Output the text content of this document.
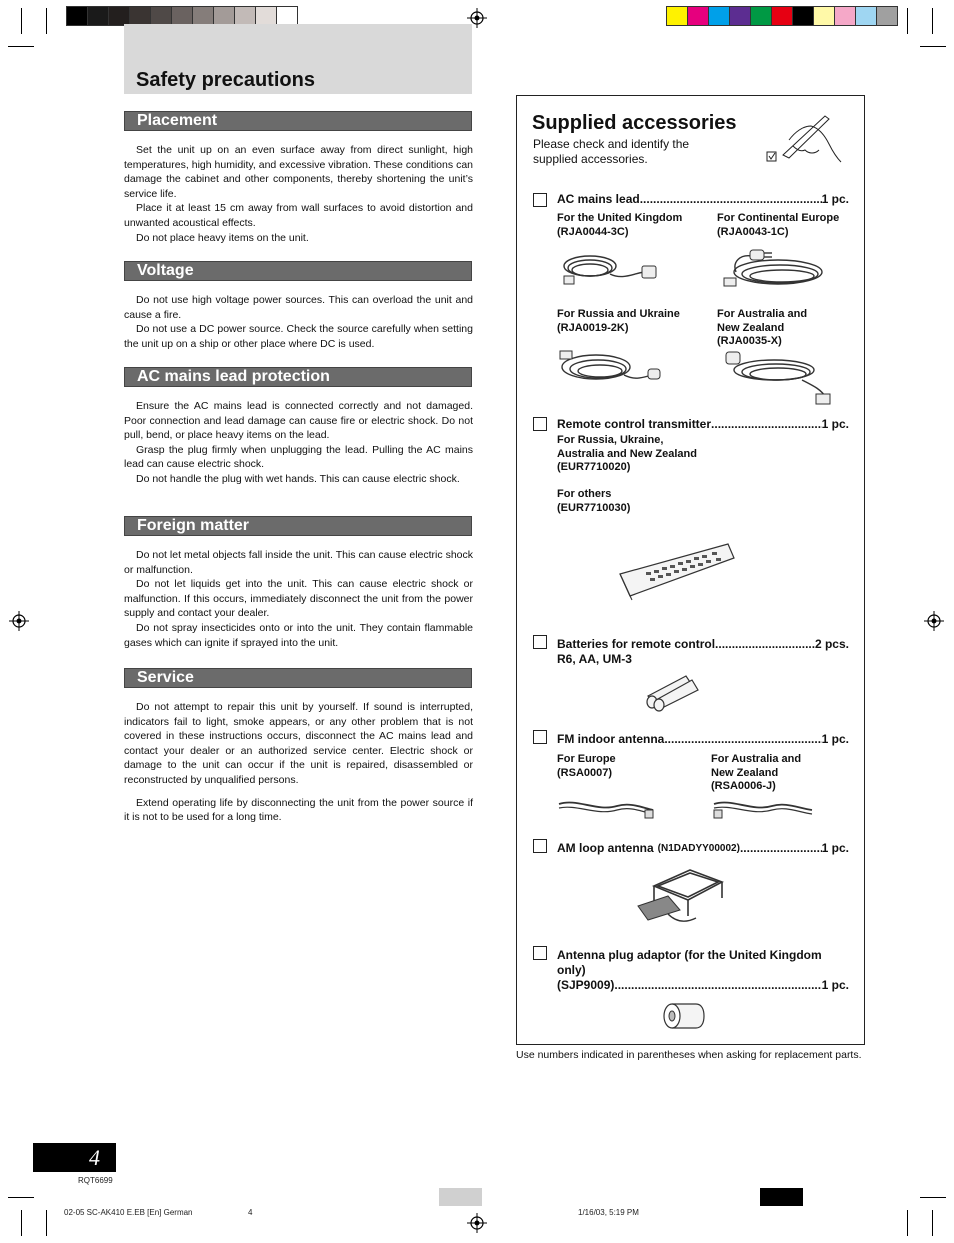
Safety precautions
Placement

Set the unit up on an even surface away from direct sunlight, high temperatures, high humidity, and excessive vibration. These conditions can damage the cabinet and other components, thereby shortening the unit’s service life.

Place it at least 15 cm away from wall surfaces to avoid distortion and unwanted acoustical effects.

Do not place heavy items on the unit.

Voltage

Do not use high voltage power sources. This can overload the unit and cause a fire.

Do not use a DC power source. Check the source carefully when setting the unit up on a ship or other place where DC is used.

AC mains lead protection

Ensure the AC mains lead is connected correctly and not damaged. Poor connection and lead damage can cause fire or electric shock. Do not pull, bend, or place heavy items on the lead.

Grasp the plug firmly when unplugging the lead. Pulling the AC mains lead can cause electric shock.

Do not handle the plug with wet hands. This can cause electric shock.

Foreign matter

Do not let metal objects fall inside the unit. This can cause electric shock or malfunction.

Do not let liquids get into the unit. This can cause electric shock or malfunction. If this occurs, immediately disconnect the unit from the power supply and contact your dealer.

Do not spray insecticides onto or into the unit. They contain flammable gases which can ignite if sprayed into the unit.

Service

Do not attempt to repair this unit by yourself. If sound is interrupted, indicators fail to light, smoke appears, or any other problem that is not covered in these instructions occurs, disconnect the AC mains lead and contact your dealer or an authorized service center. Electric shock or damage to the unit can occur if the unit is repaired, disassembled or reconstructed by unqualified persons.

Extend operating life by disconnecting the unit from the power source if it is not to be used for a long time.

Supplied accessories
Please check and identify the supplied accessories.
AC mains lead .....	1 pc.
For the United Kingdom
(RJA0044-3C)
For Continental Europe
(RJA0043-1C)
For Russia and Ukraine
(RJA0019-2K)
For Australia and New Zealand
(RJA0035-X)
Remote control transmitter .....	1 pc.
For Russia, Ukraine, Australia and New Zealand
(EUR7710020)
For others
(EUR7710030)
Batteries for remote control .....	2 pcs.
R6, AA, UM-3
FM indoor antenna .....	1 pc.
For Europe
(RSA0007)
For Australia and New Zealand
(RSA0006-J)
AM loop antenna (N1DADYY00002) .....	1 pc.
Antenna plug adaptor (for the United Kingdom only)
(SJP9009) .....	1 pc.
Use numbers indicated in parentheses when asking for replacement parts.
4
RQT6699
02-05 SC-AK410 E.EB [En] German	4	1/16/03, 5:19 PM
